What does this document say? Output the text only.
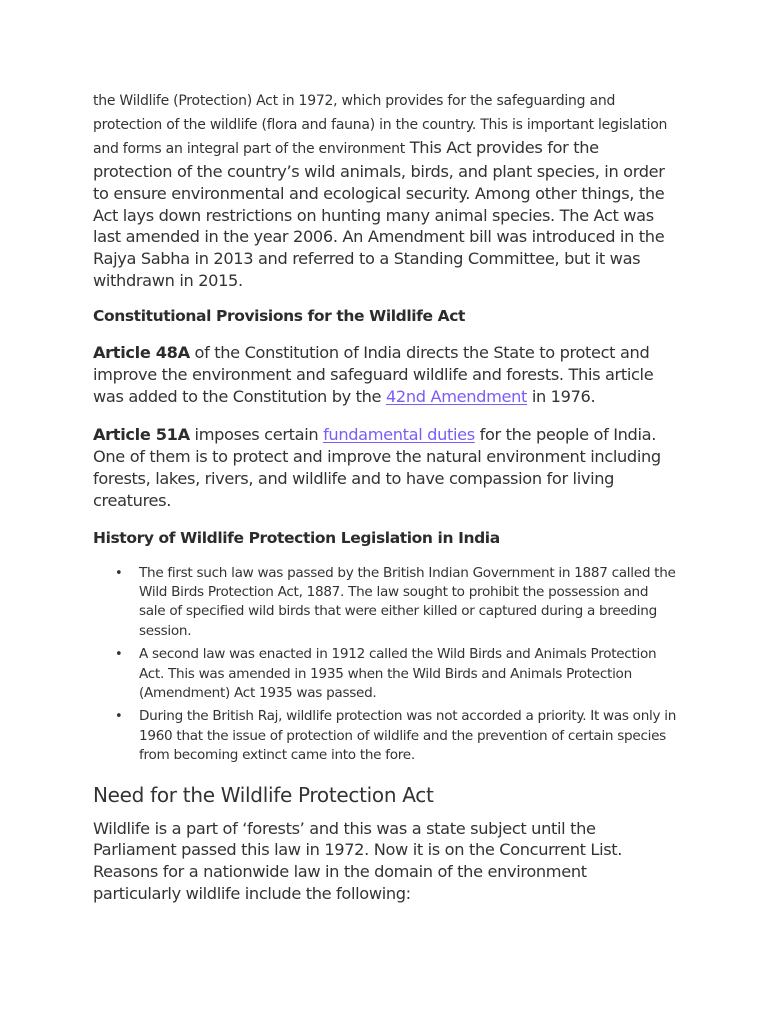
the Wildlife (Protection) Act in 1972, which provides for the safeguarding and protection of the wildlife (flora and fauna) in the country. This is important legislation and forms an integral part of the environment This Act provides for the protection of the country’s wild animals, birds, and plant species, in order to ensure environmental and ecological security. Among other things, the Act lays down restrictions on hunting many animal species. The Act was last amended in the year 2006. An Amendment bill was introduced in the Rajya Sabha in 2013 and referred to a Standing Committee, but it was withdrawn in 2015.

Constitutional Provisions for the Wildlife Act

Article 48A of the Constitution of India directs the State to protect and improve the environment and safeguard wildlife and forests. This article was added to the Constitution by the 42nd Amendment in 1976.

Article 51A imposes certain fundamental duties for the people of India. One of them is to protect and improve the natural environment including forests, lakes, rivers, and wildlife and to have compassion for living creatures.

History of Wildlife Protection Legislation in India
• The first such law was passed by the British Indian Government in 1887 called the Wild Birds Protection Act, 1887. The law sought to prohibit the possession and sale of specified wild birds that were either killed or captured during a breeding session.
• A second law was enacted in 1912 called the Wild Birds and Animals Protection Act. This was amended in 1935 when the Wild Birds and Animals Protection (Amendment) Act 1935 was passed.
• During the British Raj, wildlife protection was not accorded a priority. It was only in 1960 that the issue of protection of wildlife and the prevention of certain species from becoming extinct came into the fore.
Need for the Wildlife Protection Act

Wildlife is a part of ‘forests’ and this was a state subject until the Parliament passed this law in 1972. Now it is on the Concurrent List. Reasons for a nationwide law in the domain of the environment particularly wildlife include the following:
